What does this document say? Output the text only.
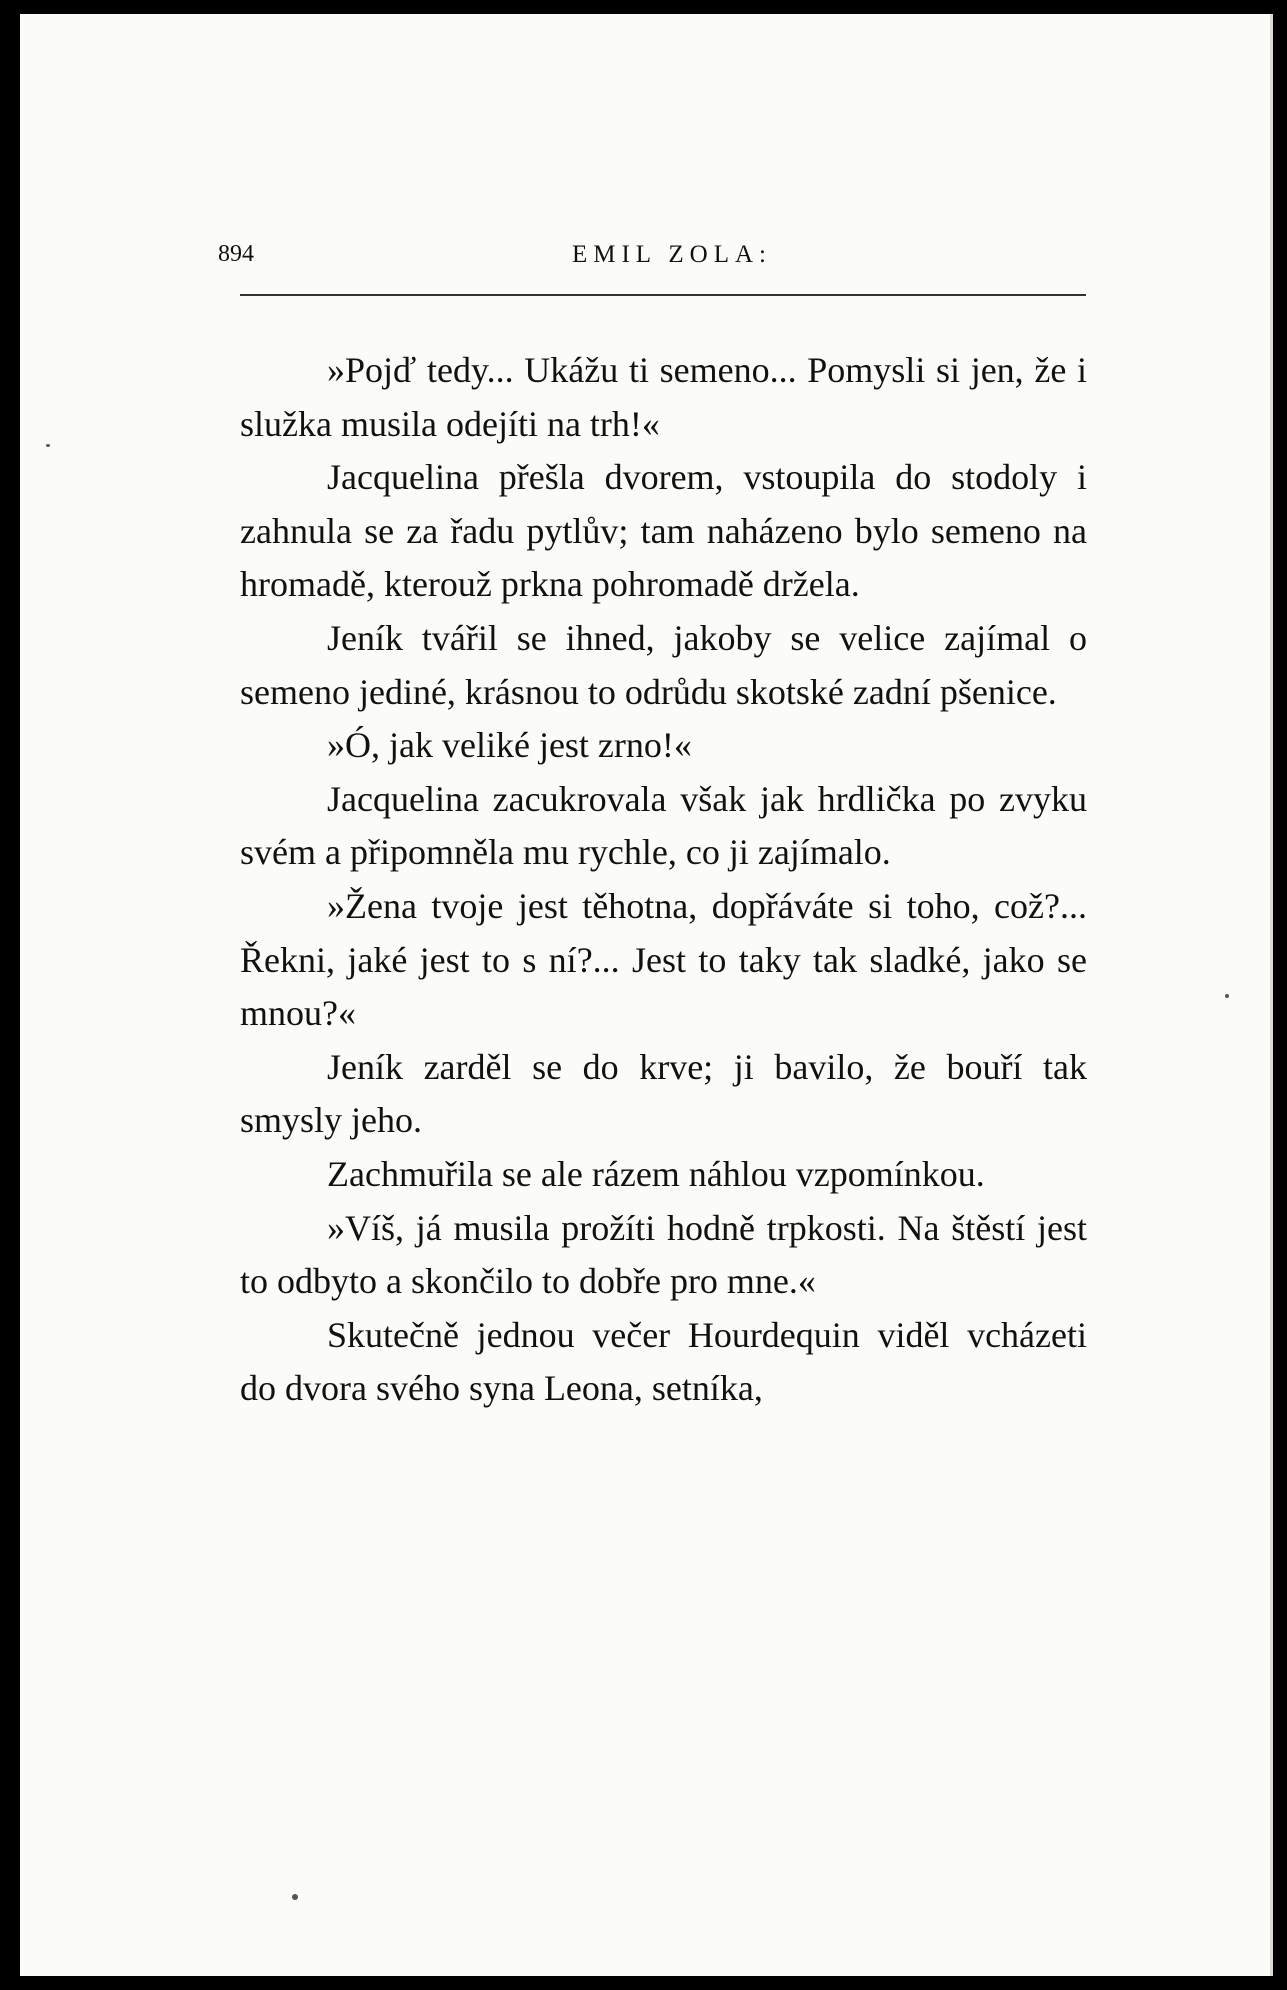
894	EMIL ZOLA:

»Pojď tedy... Ukážu ti semeno... Pomysli si jen, že i služka musila odejíti na trh!«

Jacquelina přešla dvorem, vstoupila do stodoly i zahnula se za řadu pytlův; tam naházeno bylo semeno na hromadě, kterouž prkna pohromadě držela.

Jeník tvářil se ihned, jakoby se velice zajímal o semeno jediné, krásnou to odrůdu skotské zadní pšenice.

»Ó, jak veliké jest zrno!«

Jacquelina zacukrovala však jak hrdlička po zvyku svém a připomněla mu rychle, co ji zajímalo.

»Žena tvoje jest těhotna, dopřáváte si toho, což?... Řekni, jaké jest to s ní?... Jest to taky tak sladké, jako se mnou?«

Jeník zarděl se do krve; ji bavilo, že bouří tak smysly jeho.

Zachmuřila se ale rázem náhlou vzpomínkou.

»Víš, já musila prožíti hodně trpkosti. Na štěstí jest to odbyto a skončilo to dobře pro mne.«

Skutečně jednou večer Hourdequin viděl vcházeti do dvora svého syna Leona, setníka,
